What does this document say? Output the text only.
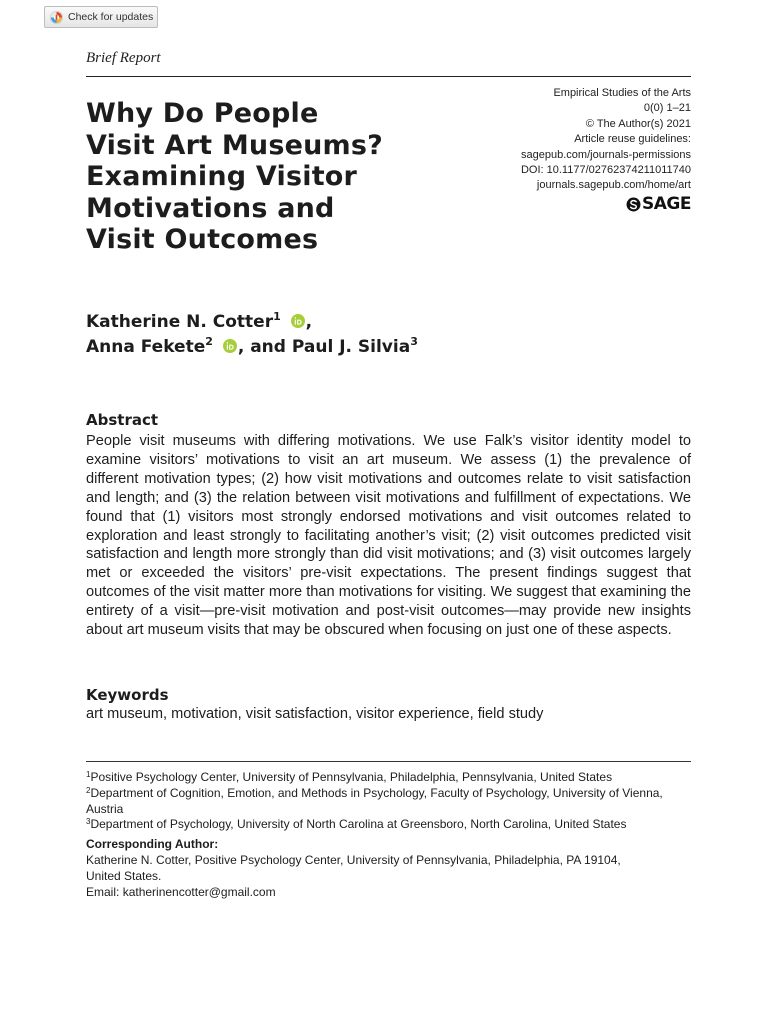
Check for updates
Brief Report
Why Do People
Visit Art Museums?
Examining Visitor
Motivations and
Visit Outcomes
Empirical Studies of the Arts
0(0) 1–21
© The Author(s) 2021
Article reuse guidelines:
sagepub.com/journals-permissions
DOI: 10.1177/02762374211011740
journals.sagepub.com/home/art
SAGE
Katherine N. Cotter$^1$ ,
Anna Fekete$^2$ , and Paul J. Silvia$^3$
Abstract

People visit museums with differing motivations. We use Falk’s visitor identity model to examine visitors’ motivations to visit an art museum. We assess (1) the prevalence of different motivation types; (2) how visit motivations and outcomes relate to visit satisfaction and length; and (3) the relation between visit motivations and fulfillment of expectations. We found that (1) visitors most strongly endorsed motivations and visit outcomes related to exploration and least strongly to facilitating another’s visit; (2) visit outcomes predicted visit satisfaction and length more strongly than did visit motivations; and (3) visit outcomes largely met or exceeded the visitors’ pre-visit expectations. The present findings suggest that outcomes of the visit matter more than motivations for visiting. We suggest that examining the entirety of a visit—pre-visit motivation and post-visit outcomes—may provide new insights about art museum visits that may be obscured when focusing on just one of these aspects.

Keywords
art museum, motivation, visit satisfaction, visitor experience, field study

$^1$Positive Psychology Center, University of Pennsylvania, Philadelphia, Pennsylvania, United States

$^2$Department of Cognition, Emotion, and Methods in Psychology, Faculty of Psychology, University of Vienna, Austria

$^3$Department of Psychology, University of North Carolina at Greensboro, North Carolina, United States

Corresponding Author:
Katherine N. Cotter, Positive Psychology Center, University of Pennsylvania, Philadelphia, PA 19104,
United States.
Email: katherinencotter@gmail.com
